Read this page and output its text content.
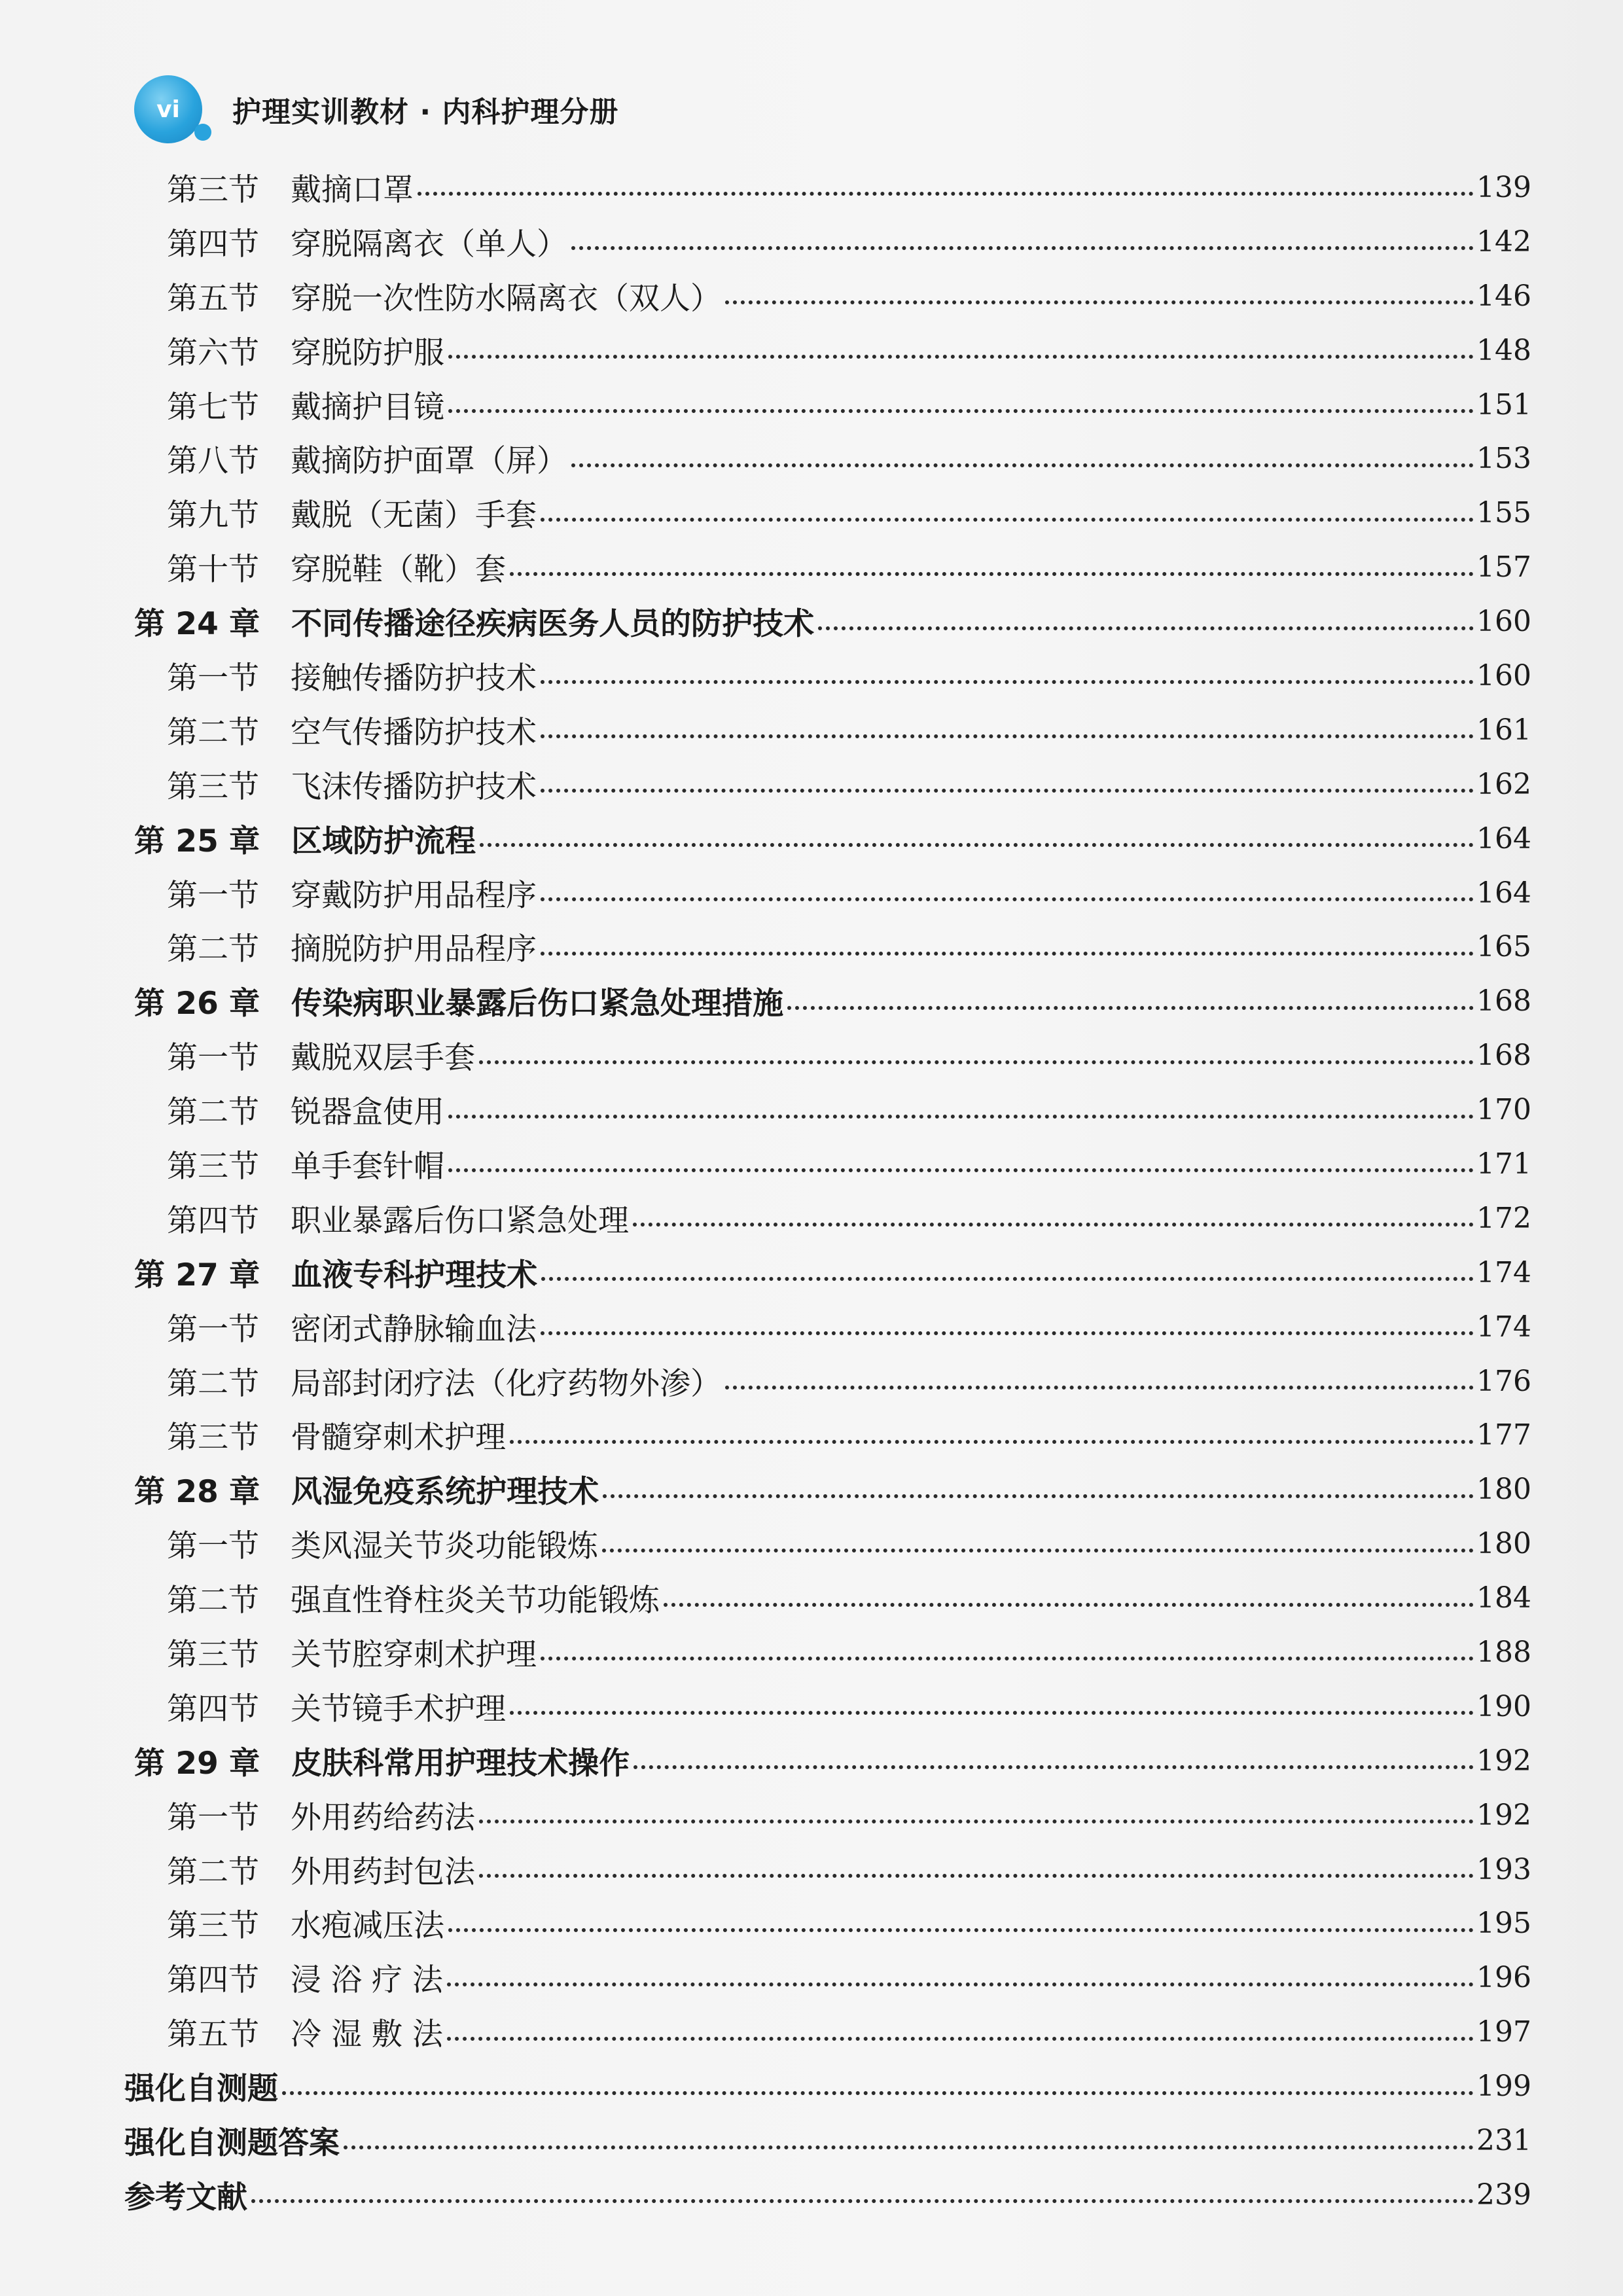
vi 护理实训教材 · 内科护理分册
第三节 戴摘口罩	139
第四节 穿脱隔离衣（单人）	142
第五节 穿脱一次性防水隔离衣（双人）	146
第六节 穿脱防护服	148
第七节 戴摘护目镜	151
第八节 戴摘防护面罩（屏）	153
第九节 戴脱（无菌）手套	155
第十节 穿脱鞋（靴）套	157
第 24 章 不同传播途径疾病医务人员的防护技术	160
第一节 接触传播防护技术	160
第二节 空气传播防护技术	161
第三节 飞沫传播防护技术	162
第 25 章 区域防护流程	164
第一节 穿戴防护用品程序	164
第二节 摘脱防护用品程序	165
第 26 章 传染病职业暴露后伤口紧急处理措施	168
第一节 戴脱双层手套	168
第二节 锐器盒使用	170
第三节 单手套针帽	171
第四节 职业暴露后伤口紧急处理	172
第 27 章 血液专科护理技术	174
第一节 密闭式静脉输血法	174
第二节 局部封闭疗法（化疗药物外渗）	176
第三节 骨髓穿刺术护理	177
第 28 章 风湿免疫系统护理技术	180
第一节 类风湿关节炎功能锻炼	180
第二节 强直性脊柱炎关节功能锻炼	184
第三节 关节腔穿刺术护理	188
第四节 关节镜手术护理	190
第 29 章 皮肤科常用护理技术操作	192
第一节 外用药给药法	192
第二节 外用药封包法	193
第三节 水疱减压法	195
第四节 浸 浴 疗 法	196
第五节 冷 湿 敷 法	197
强化自测题	199
强化自测题答案	231
参考文献	239
